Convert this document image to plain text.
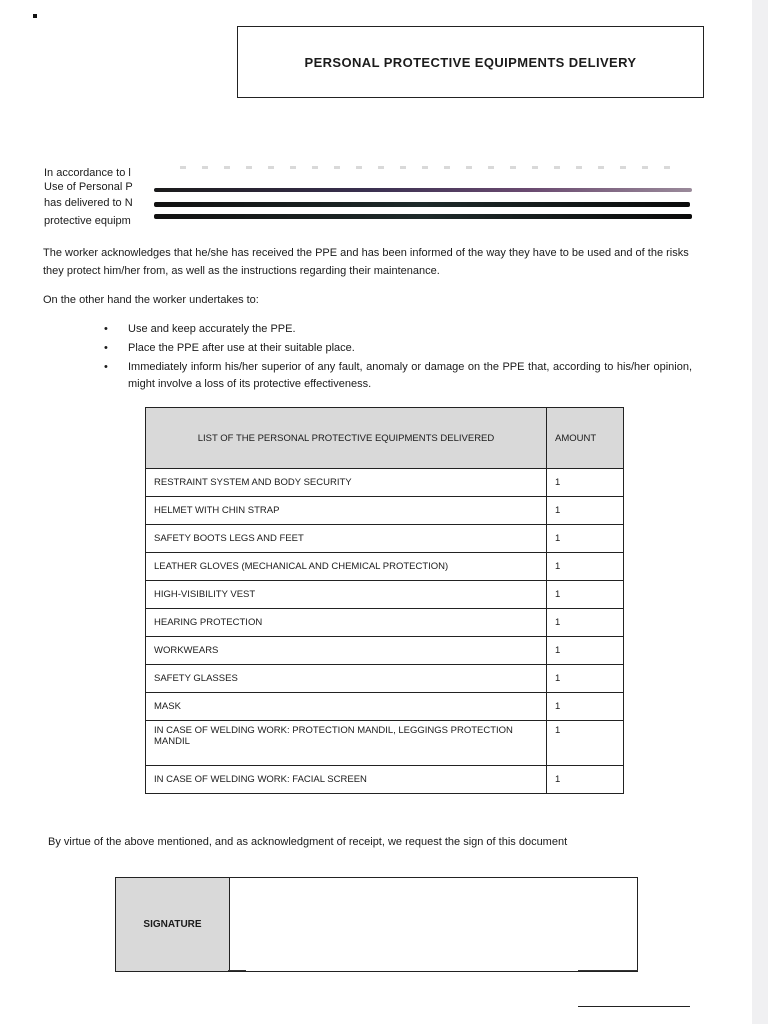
PERSONAL PROTECTIVE EQUIPMENTS DELIVERY
In accordance to l
Use of Personal P
has delivered to N
protective equipm
The worker acknowledges that he/she has received the PPE and has been informed of the way they have to be used and of the risks they protect him/her from, as well as the instructions regarding their maintenance.
On the other hand the worker undertakes to:
• Use and keep accurately the PPE.
• Place the PPE after use at their suitable place.
• Immediately inform his/her superior of any fault, anomaly or damage on the PPE that, according to his/her opinion, might involve a loss of its protective effectiveness.
LIST OF THE PERSONAL PROTECTIVE EQUIPMENTS DELIVERED	AMOUNT
RESTRAINT SYSTEM AND BODY SECURITY	1
HELMET WITH CHIN STRAP	1
SAFETY BOOTS LEGS AND FEET	1
LEATHER GLOVES (MECHANICAL AND CHEMICAL PROTECTION)	1
HIGH-VISIBILITY VEST	1
HEARING PROTECTION	1
WORKWEARS	1
SAFETY GLASSES	1
MASK	1
IN CASE OF WELDING WORK: PROTECTION MANDIL, LEGGINGS PROTECTION MANDIL	1
IN CASE OF WELDING WORK: FACIAL SCREEN	1
By virtue of the above mentioned, and as acknowledgment of receipt, we request the sign of this document
SIGNATURE
